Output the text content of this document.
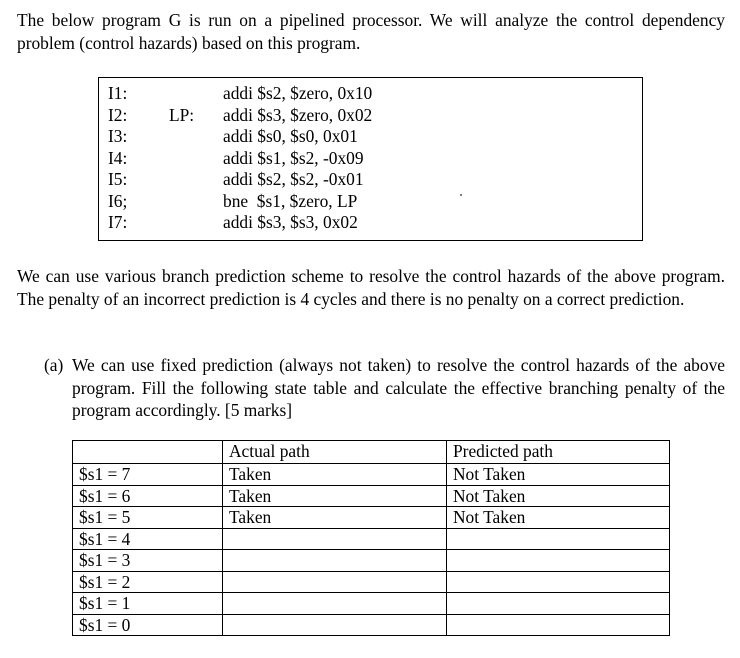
The below program G is run on a pipelined processor. We will analyze the control dependency problem (control hazards) based on this program.
I1:	addi $s2, $zero, 0x10
I2: LP: addi $s3, $zero, 0x02
I3:	addi $s0, $s0, 0x01
I4:	addi $s1, $s2, -0x09
I5:	addi $s2, $s2, -0x01
I6;	bne  $s1, $zero, LP
I7:	addi $s3, $s3, 0x02
We can use various branch prediction scheme to resolve the control hazards of the above program. The penalty of an incorrect prediction is 4 cycles and there is no penalty on a correct prediction.
(a) We can use fixed prediction (always not taken) to resolve the control hazards of the above program. Fill the following state table and calculate the effective branching penalty of the program accordingly. [5 marks]
	Actual path	Predicted path
$s1 = 7	Taken	Not Taken
$s1 = 6	Taken	Not Taken
$s1 = 5	Taken	Not Taken
$s1 = 4		
$s1 = 3		
$s1 = 2		
$s1 = 1		
$s1 = 0		
